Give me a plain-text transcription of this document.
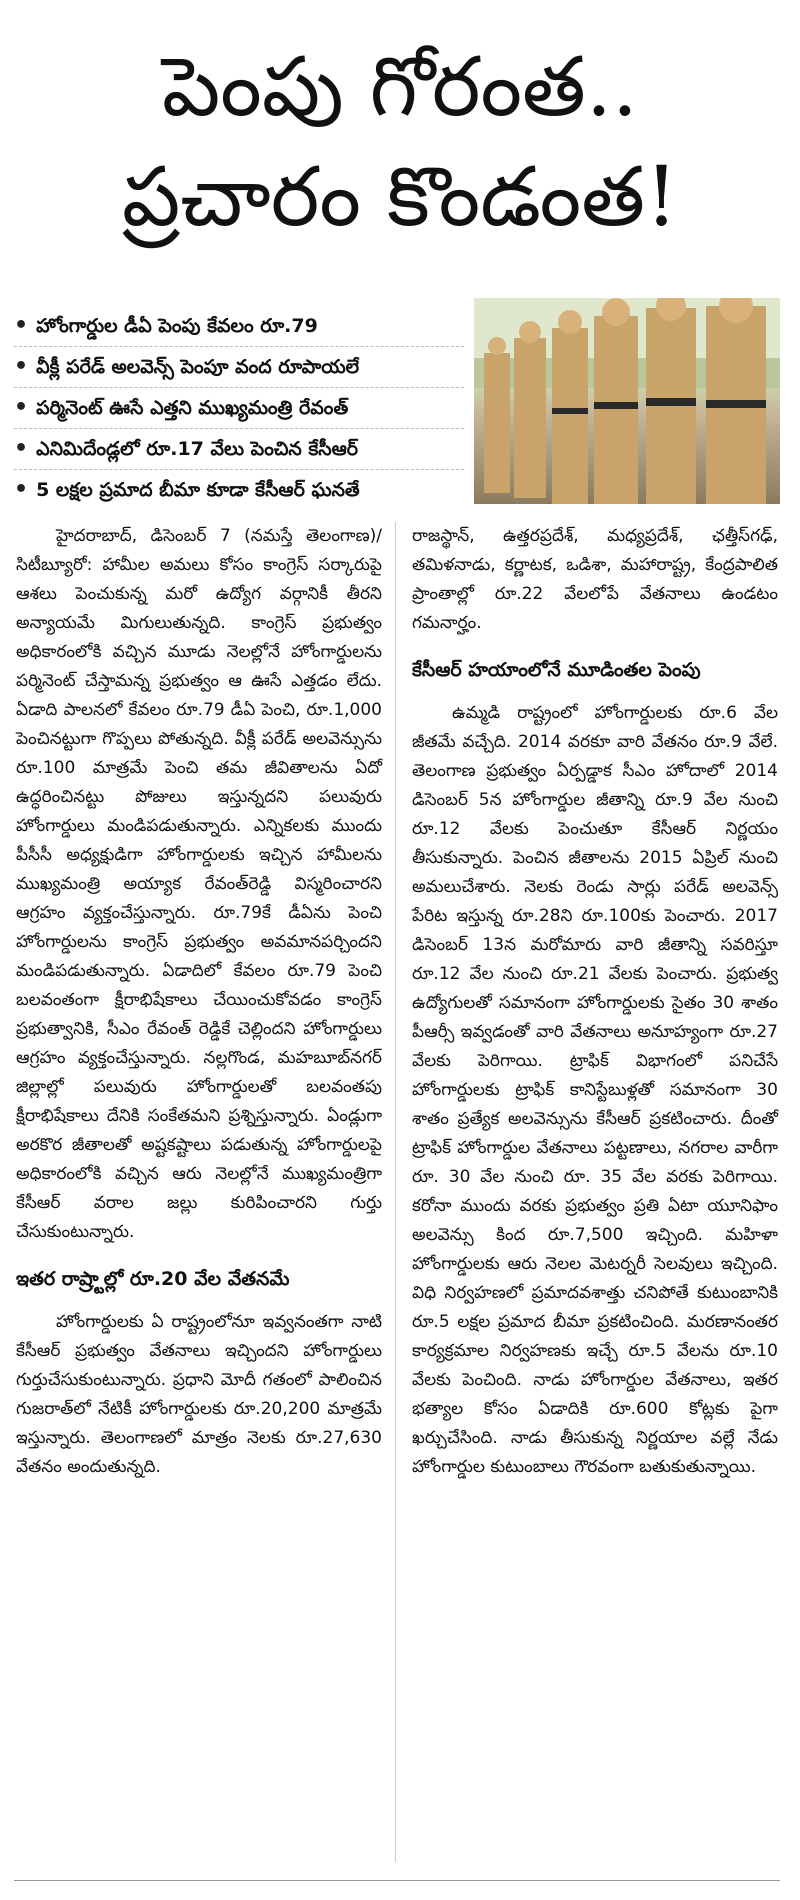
పెంపు గోరంత..
ప్రచారం కొండంత!
• హోంగార్డుల డీఏ పెంపు కేవలం రూ.79
• వీక్లీ పరేడ్ అలవెన్స్ పెంపూ వంద రూపాయలే
• పర్మినెంట్ ఊసే ఎత్తని ముఖ్యమంత్రి రేవంత్
• ఎనిమిదేండ్లలో రూ.17 వేలు పెంచిన కేసీఆర్
• 5 లక్షల ప్రమాద బీమా కూడా కేసీఆర్ ఘనతే

హైదరాబాద్, డిసెంబర్ 7 (నమస్తే తెలంగాణ)/సిటీబ్యూరో: హామీల అమలు కోసం కాంగ్రెస్ సర్కారుపై ఆశలు పెంచుకున్న మరో ఉద్యోగ వర్గానికీ తీరని అన్యాయమే మిగులుతున్నది. కాంగ్రెస్ ప్రభుత్వం అధికారంలోకి వచ్చిన మూడు నెలల్లోనే హోంగార్డులను పర్మినెంట్ చేస్తామన్న ప్రభుత్వం ఆ ఊసే ఎత్తడం లేదు. ఏడాది పాలనలో కేవలం రూ.79 డీఏ పెంచి, రూ.1,000 పెంచినట్టుగా గొప్పలు పోతున్నది. వీక్లీ పరేడ్ అలవెన్సును రూ.100 మాత్రమే పెంచి తమ జీవితాలను ఏదో ఉద్ధరించినట్టు పోజులు ఇస్తున్నదని పలువురు హోంగార్డులు మండిపడుతున్నారు. ఎన్నికలకు ముందు పీసీసీ అధ్యక్షుడిగా హోంగార్డులకు ఇచ్చిన హామీలను ముఖ్యమంత్రి అయ్యాక రేవంత్‌రెడ్డి విస్మరించారని ఆగ్రహం వ్యక్తంచేస్తున్నారు. రూ.79కే డీఏను పెంచి హోంగార్డులను కాంగ్రెస్ ప్రభుత్వం అవమానపర్చిందని మండిపడుతున్నారు. ఏడాదిలో కేవలం రూ.79 పెంచి బలవంతంగా క్షీరాభిషేకాలు చేయించుకోవడం కాంగ్రెస్ ప్రభుత్వానికి, సీఎం రేవంత్ రెడ్డికే చెల్లిందని హోంగార్డులు ఆగ్రహం వ్యక్తంచేస్తున్నారు. నల్లగొండ, మహబూబ్‌నగర్ జిల్లాల్లో పలువురు హోంగార్డులతో బలవంతపు క్షీరాభిషేకాలు దేనికి సంకేతమని ప్రశ్నిస్తున్నారు. ఏండ్లుగా అరకొర జీతాలతో అష్టకష్టాలు పడుతున్న హోంగార్డులపై అధికారంలోకి వచ్చిన ఆరు నెలల్లోనే ముఖ్యమంత్రిగా కేసీఆర్ వరాల జల్లు కురిపించారని గుర్తు చేసుకుంటున్నారు.

ఇతర రాష్ర్టాల్లో రూ.20 వేల వేతనమే

హోంగార్డులకు ఏ రాష్ట్రంలోనూ ఇవ్వనంతగా నాటి కేసీఆర్ ప్రభుత్వం వేతనాలు ఇచ్చిందని హోంగార్డులు గుర్తుచేసుకుంటున్నారు. ప్రధాని మోదీ గతంలో పాలించిన గుజరాత్‌లో నేటికీ హోంగార్డులకు రూ.20,200 మాత్రమే ఇస్తున్నారు. తెలంగాణలో మాత్రం నెలకు రూ.27,630 వేతనం అందుతున్నది.

రాజస్థాన్, ఉత్తరప్రదేశ్, మధ్యప్రదేశ్, ఛత్తీస్‌గఢ్, తమిళనాడు, కర్ణాటక, ఒడిశా, మహారాష్ట్ర, కేంద్రపాలిత ప్రాంతాల్లో రూ.22 వేలలోపే వేతనాలు ఉండటం గమనార్హం.

కేసీఆర్ హయాంలోనే మూడింతల పెంపు

ఉమ్మడి రాష్ట్రంలో హోంగార్డులకు రూ.6 వేల జీతమే వచ్చేది. 2014 వరకూ వారి వేతనం రూ.9 వేలే. తెలంగాణ ప్రభుత్వం ఏర్పడ్డాక సీఎం హోదాలో 2014 డిసెంబర్ 5న హోంగార్డుల జీతాన్ని రూ.9 వేల నుంచి రూ.12 వేలకు పెంచుతూ కేసీఆర్ నిర్ణయం తీసుకున్నారు. పెంచిన జీతాలను 2015 ఏప్రిల్ నుంచి అమలుచేశారు. నెలకు రెండు సార్లు పరేడ్ అలవెన్స్ పేరిట ఇస్తున్న రూ.28ని రూ.100కు పెంచారు. 2017 డిసెంబర్ 13న మరోమారు వారి జీతాన్ని సవరిస్తూ రూ.12 వేల నుంచి రూ.21 వేలకు పెంచారు. ప్రభుత్వ ఉద్యోగులతో సమానంగా హోంగార్డులకు సైతం 30 శాతం పీఆర్సీ ఇవ్వడంతో వారి వేతనాలు అనూహ్యంగా రూ.27 వేలకు పెరిగాయి. ట్రాఫిక్ విభాగంలో పనిచేసే హోంగార్డులకు ట్రాఫిక్ కానిస్టేబుళ్లతో సమానంగా 30 శాతం ప్రత్యేక అలవెన్సును కేసీఆర్ ప్రకటించారు. దీంతో ట్రాఫిక్ హోంగార్డుల వేతనాలు పట్టణాలు, నగరాల వారీగా రూ. 30 వేల నుంచి రూ. 35 వేల వరకు పెరిగాయి. కరోనా ముందు వరకు ప్రభుత్వం ప్రతి ఏటా యూనిఫాం అలవెన్సు కింద రూ.7,500 ఇచ్చింది. మహిళా హోంగార్డులకు ఆరు నెలల మెటర్నరీ సెలవులు ఇచ్చింది. విధి నిర్వహణలో ప్రమాదవశాత్తు చనిపోతే కుటుంబానికి రూ.5 లక్షల ప్రమాద బీమా ప్రకటించింది. మరణానంతర కార్యక్రమాల నిర్వహణకు ఇచ్చే రూ.5 వేలను రూ.10 వేలకు పెంచింది. నాడు హోంగార్డుల వేతనాలు, ఇతర భత్యాల కోసం ఏడాదికి రూ.600 కోట్లకు పైగా ఖర్చుచేసింది. నాడు తీసుకున్న నిర్ణయాల వల్లే నేడు హోంగార్డుల కుటుంబాలు గౌరవంగా బతుకుతున్నాయి.
